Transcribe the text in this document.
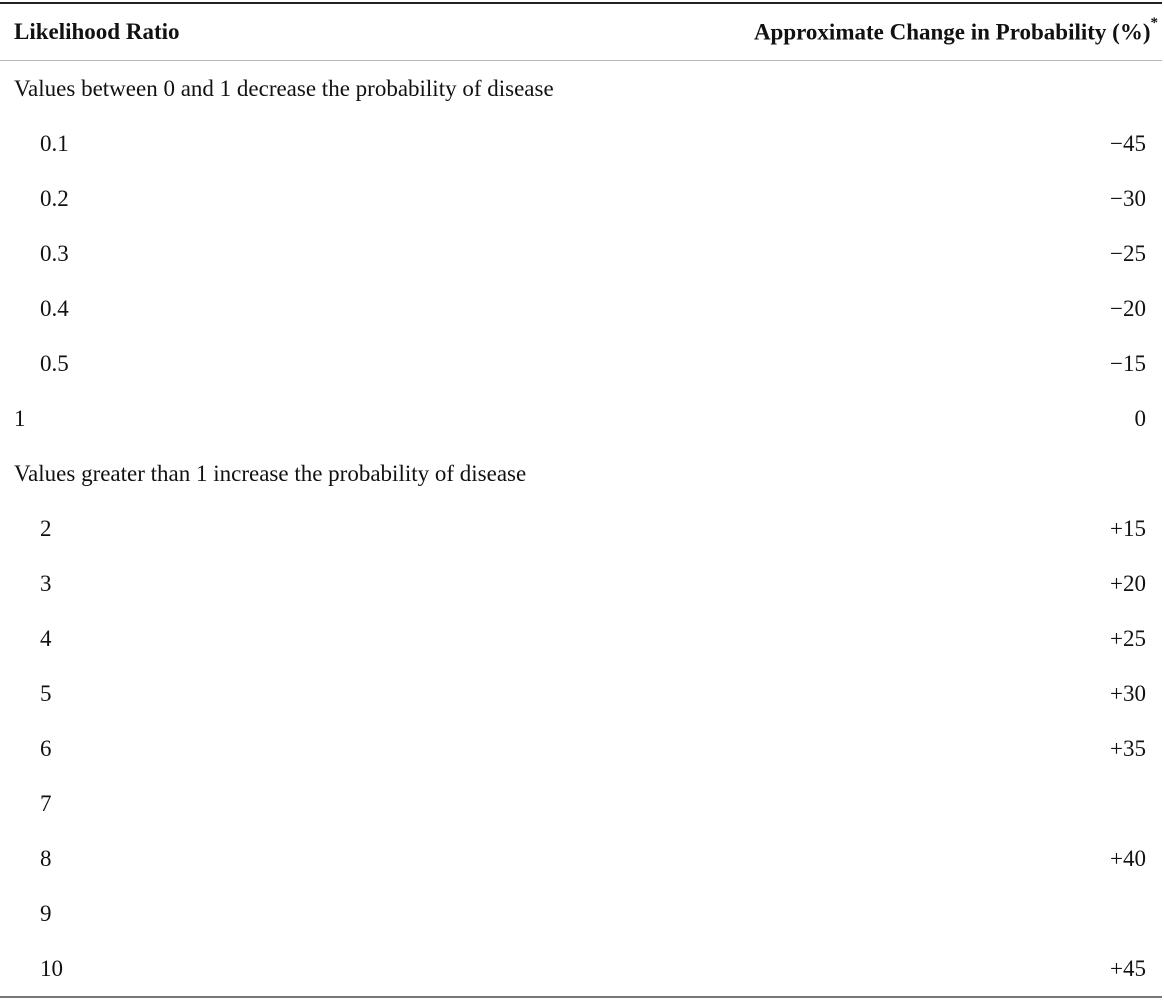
Likelihood Ratio	Approximate Change in Probability (%)*
Values between 0 and 1 decrease the probability of disease	
0.1	−45
0.2	−30
0.3	−25
0.4	−20
0.5	−15
1	0
Values greater than 1 increase the probability of disease	
2	+15
3	+20
4	+25
5	+30
6	+35
7	
8	+40
9	
10	+45
